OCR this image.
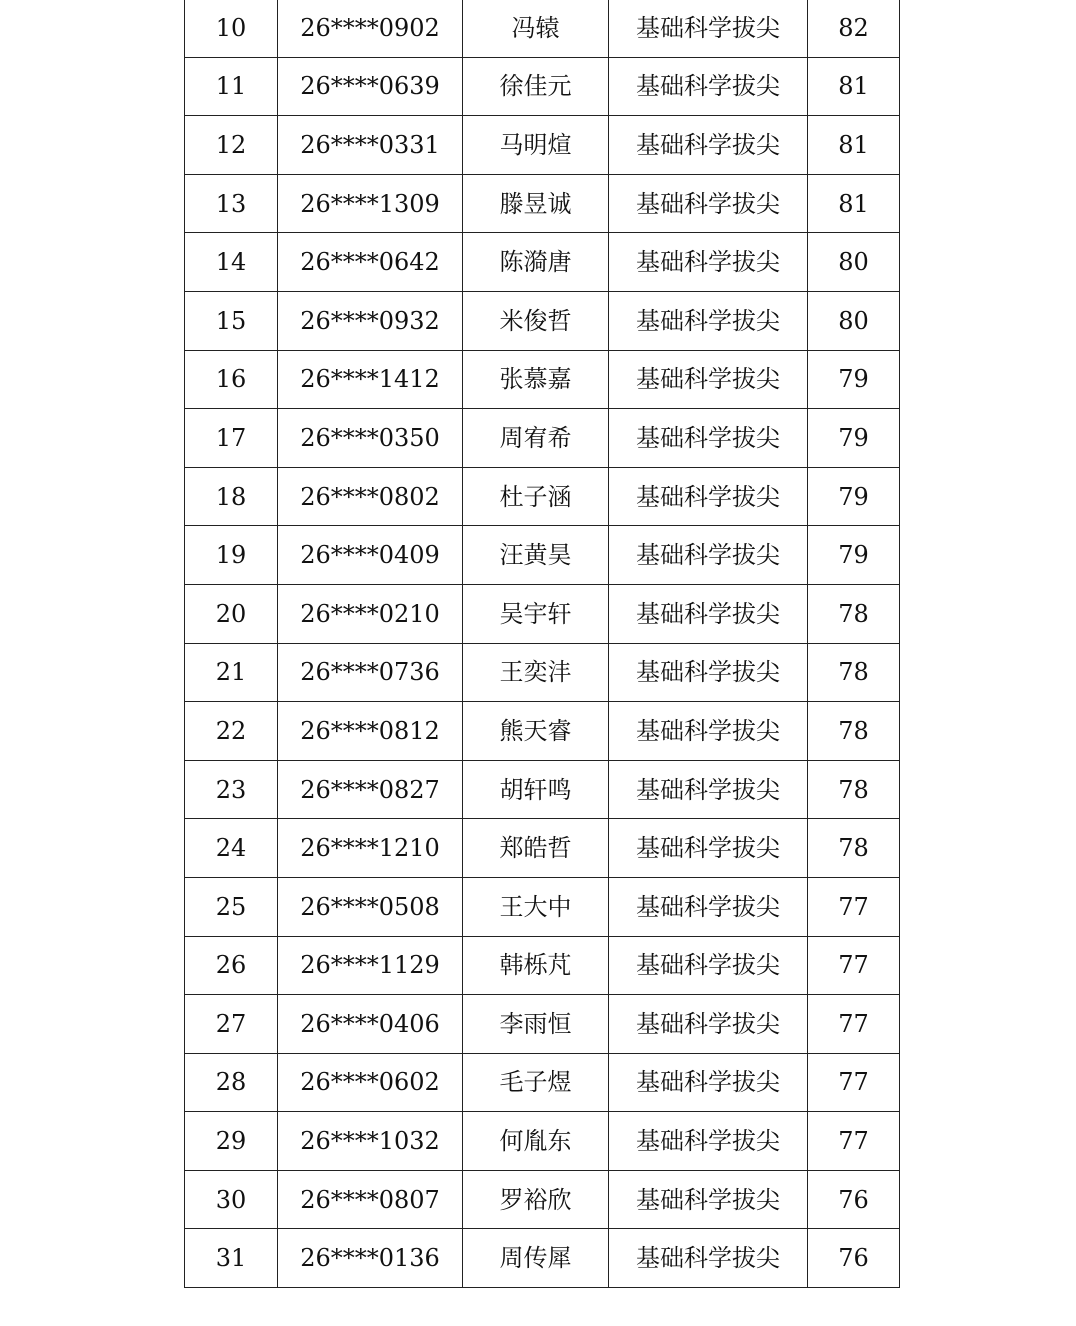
10	26****0902	冯辕	基础科学拔尖	82
11	26****0639	徐佳元	基础科学拔尖	81
12	26****0331	马明煊	基础科学拔尖	81
13	26****1309	滕昱诚	基础科学拔尖	81
14	26****0642	陈漪唐	基础科学拔尖	80
15	26****0932	米俊哲	基础科学拔尖	80
16	26****1412	张慕嘉	基础科学拔尖	79
17	26****0350	周宥希	基础科学拔尖	79
18	26****0802	杜子涵	基础科学拔尖	79
19	26****0409	汪黄昊	基础科学拔尖	79
20	26****0210	吴宇轩	基础科学拔尖	78
21	26****0736	王奕沣	基础科学拔尖	78
22	26****0812	熊天睿	基础科学拔尖	78
23	26****0827	胡轩鸣	基础科学拔尖	78
24	26****1210	郑皓哲	基础科学拔尖	78
25	26****0508	王大中	基础科学拔尖	77
26	26****1129	韩栎芃	基础科学拔尖	77
27	26****0406	李雨恒	基础科学拔尖	77
28	26****0602	毛子煜	基础科学拔尖	77
29	26****1032	何胤东	基础科学拔尖	77
30	26****0807	罗裕欣	基础科学拔尖	76
31	26****0136	周传犀	基础科学拔尖	76
